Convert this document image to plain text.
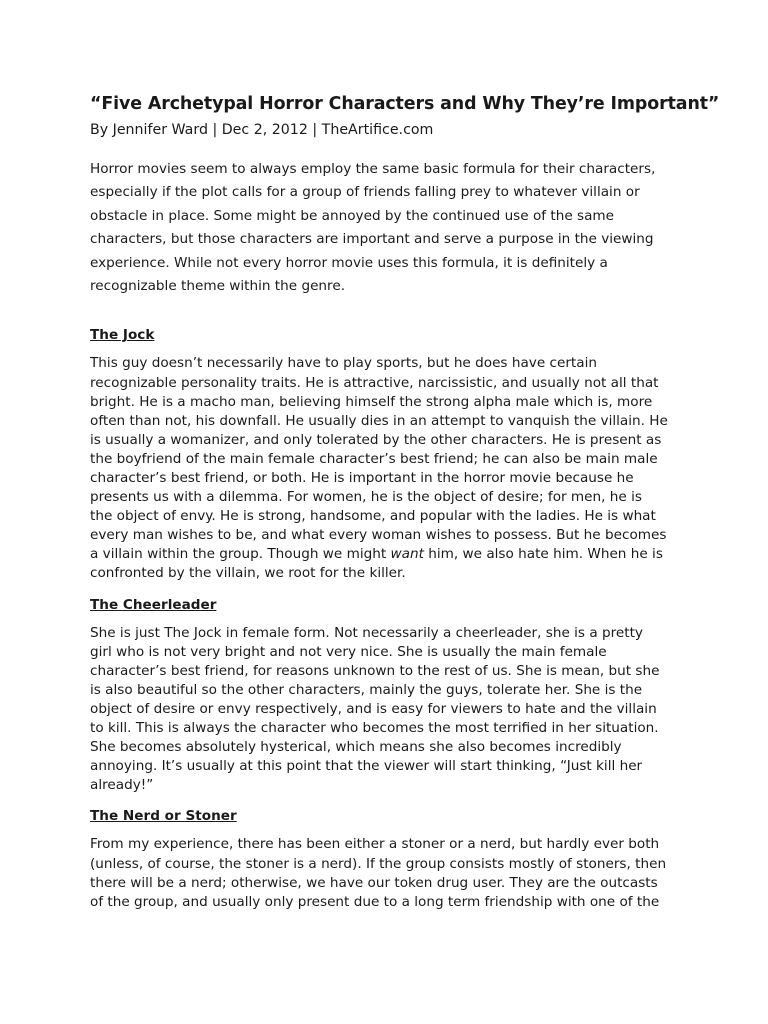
“Five Archetypal Horror Characters and Why They’re Important”

By Jennifer Ward | Dec 2, 2012 | TheArtifice.com

Horror movies seem to always employ the same basic formula for their characters,
especially if the plot calls for a group of friends falling prey to whatever villain or
obstacle in place. Some might be annoyed by the continued use of the same
characters, but those characters are important and serve a purpose in the viewing
experience. While not every horror movie uses this formula, it is definitely a
recognizable theme within the genre.

The Jock

This guy doesn’t necessarily have to play sports, but he does have certain
recognizable personality traits. He is attractive, narcissistic, and usually not all that
bright. He is a macho man, believing himself the strong alpha male which is, more
often than not, his downfall. He usually dies in an attempt to vanquish the villain. He
is usually a womanizer, and only tolerated by the other characters. He is present as
the boyfriend of the main female character’s best friend; he can also be main male
character’s best friend, or both. He is important in the horror movie because he
presents us with a dilemma. For women, he is the object of desire; for men, he is
the object of envy. He is strong, handsome, and popular with the ladies. He is what
every man wishes to be, and what every woman wishes to possess. But he becomes
a villain within the group. Though we might want him, we also hate him. When he is
confronted by the villain, we root for the killer.

The Cheerleader

She is just The Jock in female form. Not necessarily a cheerleader, she is a pretty
girl who is not very bright and not very nice. She is usually the main female
character’s best friend, for reasons unknown to the rest of us. She is mean, but she
is also beautiful so the other characters, mainly the guys, tolerate her. She is the
object of desire or envy respectively, and is easy for viewers to hate and the villain
to kill. This is always the character who becomes the most terrified in her situation.
She becomes absolutely hysterical, which means she also becomes incredibly
annoying. It’s usually at this point that the viewer will start thinking, “Just kill her
already!”

The Nerd or Stoner

From my experience, there has been either a stoner or a nerd, but hardly ever both
(unless, of course, the stoner is a nerd). If the group consists mostly of stoners, then
there will be a nerd; otherwise, we have our token drug user. They are the outcasts
of the group, and usually only present due to a long term friendship with one of the
